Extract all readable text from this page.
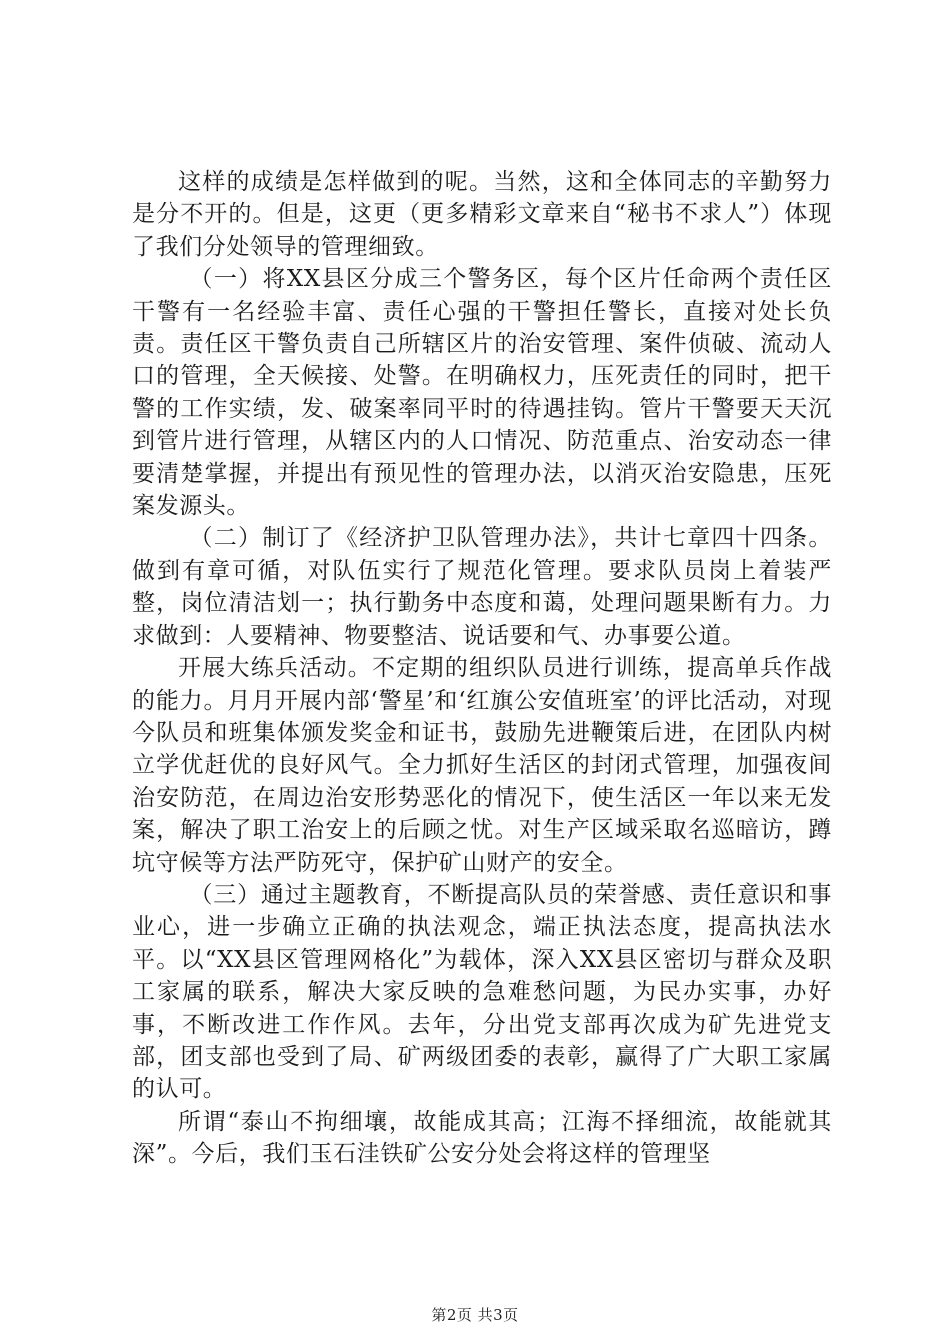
这样的成绩是怎样做到的呢。当然，这和全体同志的辛勤努力是分不开的。但是，这更（更多精彩文章来自“秘书不求人”）体现了我们分处领导的管理细致。

（一）将XX县区分成三个警务区，每个区片任命两个责任区干警有一名经验丰富、责任心强的干警担任警长，直接对处长负责。责任区干警负责自己所辖区片的治安管理、案件侦破、流动人口的管理，全天候接、处警。在明确权力，压死责任的同时，把干警的工作实绩，发、破案率同平时的待遇挂钩。管片干警要天天沉到管片进行管理，从辖区内的人口情况、防范重点、治安动态一律要清楚掌握，并提出有预见性的管理办法，以消灭治安隐患，压死案发源头。

（二）制订了《经济护卫队管理办法》，共计七章四十四条。做到有章可循，对队伍实行了规范化管理。要求队员岗上着装严整，岗位清洁划一；执行勤务中态度和蔼，处理问题果断有力。力求做到：人要精神、物要整洁、说话要和气、办事要公道。

开展大练兵活动。不定期的组织队员进行训练，提高单兵作战的能力。月月开展内部‘警星’和‘红旗公安值班室’的评比活动，对现今队员和班集体颁发奖金和证书，鼓励先进鞭策后进，在团队内树立学优赶优的良好风气。全力抓好生活区的封闭式管理，加强夜间治安防范，在周边治安形势恶化的情况下，使生活区一年以来无发案，解决了职工治安上的后顾之忧。对生产区域采取名巡暗访，蹲坑守候等方法严防死守，保护矿山财产的安全。

（三）通过主题教育，不断提高队员的荣誉感、责任意识和事业心，进一步确立正确的执法观念，端正执法态度，提高执法水平。以“XX县区管理网格化”为载体，深入XX县区密切与群众及职工家属的联系，解决大家反映的急难愁问题，为民办实事，办好事，不断改进工作作风。去年，分出党支部再次成为矿先进党支部，团支部也受到了局、矿两级团委的表彰，赢得了广大职工家属的认可。

所谓“泰山不拘细壤，故能成其高；江海不择细流，故能就其深”。今后，我们玉石洼铁矿公安分处会将这样的管理坚

第2页 共3页
